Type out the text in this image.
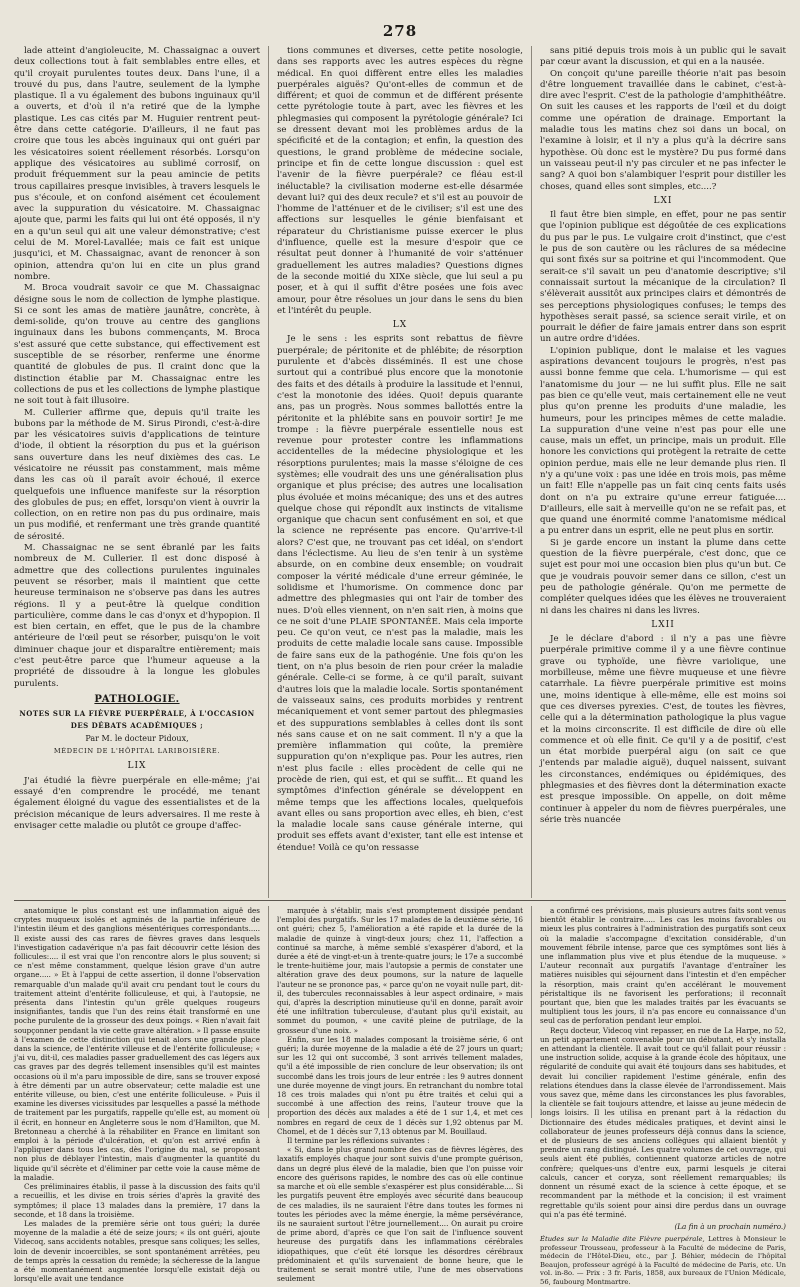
278

lade atteint d'angioleucite, M. Chassaignac a ouvert deux collections tout à fait semblables entre elles, et qu'il croyait purulentes toutes deux. Dans l'une, il a trouvé du pus, dans l'autre, seulement de la lymphe plastique. Il a vu également des bubons inguinaux qu'il a ouverts, et d'où il n'a retiré que de la lymphe plastique. Les cas cités par M. Huguier rentrent peut-être dans cette catégorie. D'ailleurs, il ne faut pas croire que tous les abcès inguinaux qui ont guéri par les vésicatoires soient réellement résorbés. Lorsqu'on applique des vésicatoires au sublimé corrosif, on produit fréquemment sur la peau amincie de petits trous capillaires presque invisibles, à travers lesquels le pus s'écoule, et on confond aisément cet écoulement avec la suppuration du vésicatoire. M. Chassaignac ajoute que, parmi les faits qui lui ont été opposés, il n'y en a qu'un seul qui ait une valeur démonstrative; c'est celui de M. Morel-Lavallée; mais ce fait est unique jusqu'ici, et M. Chassaignac, avant de renoncer à son opinion, attendra qu'on lui en cite un plus grand nombre.

M. Broca voudrait savoir ce que M. Chassaignac désigne sous le nom de collection de lymphe plastique. Si ce sont les amas de matière jaunâtre, concrète, à demi-solide, qu'on trouve au centre des ganglions inguinaux dans les bubons commençants, M. Broca s'est assuré que cette substance, qui effectivement est susceptible de se résorber, renferme une énorme quantité de globules de pus. Il craint donc que la distinction établie par M. Chassaignac entre les collections de pus et les collections de lymphe plastique ne soit tout à fait illusoire.

M. Cullerier affirme que, depuis qu'il traite les bubons par la méthode de M. Sirus Pirondi, c'est-à-dire par les vésicatoires suivis d'applications de teinture d'iode, il obtient la résorption du pus et la guérison sans ouverture dans les neuf dixièmes des cas. Le vésicatoire ne réussit pas constamment, mais même dans les cas où il paraît avoir échoué, il exerce quelquefois une influence manifeste sur la résorption des globules de pus; en effet, lorsqu'on vient à ouvrir la collection, on en retire non pas du pus ordinaire, mais un pus modifié, et renfermant une très grande quantité de sérosité.

M. Chassaignac ne se sent ébranlé par les faits nombreux de M. Cullerier. Il est donc disposé à admettre que des collections purulentes inguinales peuvent se résorber, mais il maintient que cette heureuse terminaison ne s'observe pas dans les autres régions. Il y a peut-être là quelque condition particulière, comme dans le cas d'onyx et d'hypopion. Il est bien certain, en effet, que le pus de la chambre antérieure de l'œil peut se résorber, puisqu'on le voit diminuer chaque jour et disparaître entièrement; mais c'est peut-être parce que l'humeur aqueuse a la propriété de dissoudre à la longue les globules purulents.

PATHOLOGIE.
NOTES SUR LA FIÈVRE PUERPÉRALE, À L'OCCASION DES DÉBATS ACADÉMIQUES ;
Par M. le docteur Pidoux,
MÉDECIN DE L'HÔPITAL LARIBOISIÈRE.
LIX

J'ai étudié la fièvre puerpérale en elle-même; j'ai essayé d'en comprendre le procédé, me tenant également éloigné du vague des essentialistes et de la précision mécanique de leurs adversaires. Il me reste à envisager cette maladie ou plutôt ce groupe d'affec-

tions communes et diverses, cette petite nosologie, dans ses rapports avec les autres espèces du règne médical. En quoi diffèrent entre elles les maladies puerpérales aiguës? Qu'ont-elles de commun et de différent; et quoi de commun et de différent présente cette pyrétologie toute à part, avec les fièvres et les phlegmasies qui composent la pyrétologie générale? Ici se dressent devant moi les problèmes ardus de la spécificité et de la contagion; et enfin, la question des questions, le grand problème de médecine sociale, principe et fin de cette longue discussion : quel est l'avenir de la fièvre puerpérale? ce fléau est-il inéluctable? la civilisation moderne est-elle désarmée devant lui? qui des deux recule? et s'il est au pouvoir de l'homme de l'atténuer et de le civiliser; s'il est une des affections sur lesquelles le génie bienfaisant et réparateur du Christianisme puisse exercer le plus d'influence, quelle est la mesure d'espoir que ce résultat peut donner à l'humanité de voir s'atténuer graduellement les autres maladies? Questions dignes de la seconde moitié du XIXe siècle, que lui seul a pu poser, et à qui il suffit d'être posées une fois avec amour, pour être résolues un jour dans le sens du bien et l'intérêt du peuple.

LX

Je le sens : les esprits sont rebattus de fièvre puerpérale; de péritonite et de phlébite; de résorption purulente et d'abcès disséminés. Il est une chose surtout qui a contribué plus encore que la monotonie des faits et des détails à produire la lassitude et l'ennui, c'est la monotonie des idées. Quoi! depuis quarante ans, pas un progrès. Nous sommes ballottés entre la péritonite et la phlébite sans en pouvoir sortir! Je me trompe : la fièvre puerpérale essentielle nous est revenue pour protester contre les inflammations accidentelles de la médecine physiologique et les résorptions purulentes; mais la masse s'éloigne de ces systèmes; elle voudrait des uns une généralisation plus organique et plus précise; des autres une localisation plus évoluée et moins mécanique; des uns et des autres quelque chose qui répondît aux instincts de vitalisme organique que chacun sent confusément en soi, et que la science ne représente pas encore. Qu'arrive-t-il alors? C'est que, ne trouvant pas cet idéal, on s'endort dans l'éclectisme. Au lieu de s'en tenir à un système absurde, on en combine deux ensemble; on voudrait composer la vérité médicale d'une erreur géminée, le solidisme et l'humorisme. On commence donc par admettre des phlegmasies qui ont l'air de tomber des nues. D'où elles viennent, on n'en sait rien, à moins que ce ne soit d'une PLAIE SPONTANÉE. Mais cela importe peu. Ce qu'on veut, ce n'est pas la maladie, mais les produits de cette maladie locale sans cause. Impossible de faire sans eux de la pathogénie. Une fois qu'on les tient, on n'a plus besoin de rien pour créer la maladie générale. Celle-ci se forme, à ce qu'il paraît, suivant d'autres lois que la maladie locale. Sortis spontanément de vaisseaux sains, ces produits morbides y rentrent mécaniquement et vont semer partout des phlegmasies et des suppurations semblables à celles dont ils sont nés sans cause et on ne sait comment. Il n'y a que la première inflammation qui coûte, la première suppuration qu'on n'explique pas. Pour les autres, rien n'est plus facile : elles procèdent de celle qui ne procède de rien, qui est, et qui se suffit... Et quand les symptômes d'infection générale se développent en même temps que les affections locales, quelquefois avant elles ou sans proportion avec elles, eh bien, c'est la maladie locale sans cause générale interne, qui produit ses effets avant d'exister, tant elle est intense et étendue! Voilà ce qu'on ressasse

sans pitié depuis trois mois à un public qui le savait par cœur avant la discussion, et qui en a la nausée.

On conçoit qu'une pareille théorie n'ait pas besoin d'être longuement travaillée dans le cabinet, c'est-à-dire avec l'esprit. C'est de la pathologie d'amphithéâtre. On suit les causes et les rapports de l'œil et du doigt comme une opération de drainage. Emportant la maladie tous les matins chez soi dans un bocal, on l'examine à loisir, et il n'y a plus qu'à la décrire sans hypothèse. Où donc est le mystère? Du pus formé dans un vaisseau peut-il n'y pas circuler et ne pas infecter le sang? A quoi bon s'alambiquer l'esprit pour distiller les choses, quand elles sont simples, etc....?

LXI

Il faut être bien simple, en effet, pour ne pas sentir que l'opinion publique est dégoûtée de ces explications du pus par le pus. Le vulgaire croit d'instinct, que c'est le pus de son cautère ou les râclures de sa médecine qui sont fixés sur sa poitrine et qui l'incommodent. Que serait-ce s'il savait un peu d'anatomie descriptive; s'il connaissait surtout la mécanique de la circulation? Il s'élèverait aussitôt aux principes clairs et démontrés de ses perceptions physiologiques confuses; le temps des hypothèses serait passé, sa science serait virile, et on pourrait le défier de faire jamais entrer dans son esprit un autre ordre d'idées.

L'opinion publique, dont le malaise et les vagues aspirations devancent toujours le progrès, n'est pas aussi bonne femme que cela. L'humorisme — qui est l'anatomisme du jour — ne lui suffit plus. Elle ne sait pas bien ce qu'elle veut, mais certainement elle ne veut plus qu'on prenne les produits d'une maladie, les humeurs, pour les principes mêmes de cette maladie. La suppuration d'une veine n'est pas pour elle une cause, mais un effet, un principe, mais un produit. Elle honore les convictions qui protègent la retraite de cette opinion perdue, mais elle ne leur demande plus rien. Il n'y a qu'une voix : pas une idée en trois mois, pas même un fait! Elle n'appelle pas un fait cinq cents faits usés dont on n'a pu extraire qu'une erreur fatiguée.... D'ailleurs, elle sait à merveille qu'on ne se refait pas, et que quand une énormité comme l'anatomisme médical a pu entrer dans un esprit, elle ne peut plus en sortir.

Si je garde encore un instant la plume dans cette question de la fièvre puerpérale, c'est donc, que ce sujet est pour moi une occasion bien plus qu'un but. Ce que je voudrais pouvoir semer dans ce sillon, c'est un peu de pathologie générale. Qu'on me permette de compléter quelques idées que les élèves ne trouveraient ni dans les chaires ni dans les livres.

LXII

Je le déclare d'abord : il n'y a pas une fièvre puerpérale primitive comme il y a une fièvre continue grave ou typhoïde, une fièvre variolique, une morbilleuse, même une fièvre muqueuse et une fièvre catarrhale. La fièvre puerpérale primitive est moins une, moins identique à elle-même, elle est moins soi que ces diverses pyrexies. C'est, de toutes les fièvres, celle qui a la détermination pathologique la plus vague et la moins circonscrite. Il est difficile de dire où elle commence et où elle finit. Ce qu'il y a de positif, c'est un état morbide puerpéral aigu (on sait ce que j'entends par maladie aiguë), duquel naissent, suivant les circonstances, endémiques ou épidémiques, des phlegmasies et des fièvres dont la détermination exacte est presque impossible. On appelle, on doit même continuer à appeler du nom de fièvres puerpérales, une série très nuancée

anatomique le plus constant est une inflammation aiguë des cryptes muqueux isolés et agminés de la partie inférieure de l'intestin iléum et des ganglions mésentériques correspondants..... Il existe aussi des cas rares de fièvres graves dans lesquels l'investigation cadavérique n'a pas fait découvrir cette lésion des follicules:.... il est vrai que l'on rencontre alors le plus souvent; si ce n'est même constamment, quelque lésion grave d'un autre organe..... » Et à l'appui de cette assertion, il donne l'observation remarquable d'un malade qu'il avait cru pendant tout le cours du traitement atteint d'entérite folliculeuse, et qui, à l'autopsie, ne présenta dans l'intestin qu'un grêle quelques rougeurs insignifiantes, tandis que l'un des reins était transformé en une poche purulente de la grosseur des deux poings. « Rien n'avait fait soupçonner pendant la vie cette grave altération. » Il passe ensuite à l'examen de cette distinction qui tenait alors une grande place dans la science, de l'entérite villeuse et de l'entérite folliculeuse; « j'ai vu, dit-il, ces maladies passer graduellement des cas légers aux cas graves par des degrés tellement insensibles qu'il est maintes occasions où il m'a paru impossible de dire, sans se trouver exposé à être démenti par un autre observateur; cette maladie est une entérite villeuse, ou bien, c'est une entérite folliculeuse. » Puis il examine les diverses vicissitudes par lesquelles a passé la méthode de traitement par les purgatifs, rappelle qu'elle est, au moment où il écrit, en honneur en Angleterre sous le nom d'Hamilton, que M. Bretonneau a cherché à la réhabiliter en France en limitant son emploi à la période d'ulcération, et qu'on est arrivé enfin à l'appliquer dans tous les cas, dès l'origine du mal, se proposant non plus de déblayer l'intestin, mais d'augmenter la quantité du liquide qu'il sécrète et d'éliminer par cette voie la cause même de la maladie.

Ces préliminaires établis, il passe à la discussion des faits qu'il a recueillis, et les divise en trois séries d'après la gravité des symptômes; il place 13 malades dans la première, 17 dans la seconde, et 18 dans la troisième.

Les malades de la première série ont tous guéri; la durée moyenne de la maladie a été de seize jours; « ils ont guéri, ajoute Videcoq, sans accidents notables, presque sans coliques; les selles, loin de devenir incoercibles, se sont spontanément arrêtées, peu de temps après la cessation du remède; la sécheresse de la langue a été momentanément augmentée lorsqu'elle existait déjà ou lorsqu'elle avait une tendance

marquée à s'établir, mais s'est promptement dissipée pendant l'emploi des purgatifs. Sur les 17 malades de la deuxième série, 16 ont guéri; chez 5, l'amélioration a été rapide et la durée de la maladie de quinze à vingt-deux jours; chez 11, l'affection a continué sa marche, à même semblé s'exaspérer d'abord, et la durée a été de vingt-et-un à trente-quatre jours; le 17e a succombé le trente-huitième jour, mais l'autopsie a permis de constater une altération grave des deux poumons, sur la nature de laquelle l'auteur ne se prononce pas, « parce qu'on ne voyait nulle part, dit-il, des tubercules reconnaissables à leur aspect ordinaire, » mais qui, d'après la description minutieuse qu'il en donne, paraît avoir été une infiltration tuberculeuse, d'autant plus qu'il existait, au sommet du poumon, « une cavité pleine de putrilage, de la grosseur d'une noix. »

Enfin, sur les 18 malades composant la troisième série, 6 ont guéri; la durée moyenne de la maladie a été de 27 jours un quart; sur les 12 qui ont succombé, 3 sont arrivés tellement malades, qu'il a été impossible de rien conclure de leur observation; ils ont succombé dans les trois jours de leur entrée : les 9 autres donnent une durée moyenne de vingt jours. En retranchant du nombre total 18 ces trois malades qui n'ont pu être traités et celui qui a succombé à une affection des reins, l'auteur trouve que la proportion des décès aux malades a été de 1 sur 1,4, et met ces nombres en regard de ceux de 1 décès sur 1,92 obtenus par M. Chomel, et de 1 décès sur 7,13 obtenus par M. Bouillaud.

Il termine par les réflexions suivantes :

« Si, dans le plus grand nombre des cas de fièvres légères, des laxatifs employés chaque jour sont suivis d'une prompte guérison, dans un degré plus élevé de la maladie, bien que l'on puisse voir encore des guérisons rapides, le nombre des cas où elle continue sa marche et où elle semble s'exaspérer est plus considérable.... Si les purgatifs peuvent être employés avec sécurité dans beaucoup de ces maladies, ils ne sauraient l'être dans toutes les formes ni toutes les périodes avec la même énergie, la même persévérance, ils ne sauraient surtout l'être journellement.... On aurait pu croire de prime abord, d'après ce que l'on sait de l'influence souvent heureuse des purgatifs dans les inflammations cérébrales idiopathiques, que c'eût été lorsque les désordres cérébraux prédominaient et qu'ils survenaient de bonne heure, que le traitement se serait montré utile, l'une de mes observations seulement

a confirmé ces prévisions, mais plusieurs autres faits sont venus bientôt établir le contraire..... Les cas les moins favorables ou mieux les plus contraires à l'administration des purgatifs sont ceux où la maladie s'accompagne d'excitation considérable, d'un mouvement fébrile intense, parce que ces symptômes sont liés à une inflammation plus vive et plus étendue de la muqueuse. » L'auteur reconnaît aux purgatifs l'avantage d'entraîner les matières nuisibles qui séjournent dans l'intestin et d'en empêcher la résorption, mais craint qu'en accélérant le mouvement péristaltique ils ne favorisent les perforations; il reconnaît pourtant que, bien que les malades traités par les évacuants se multiplient tous les jours, il n'a pas encore eu connaissance d'un seul cas de perforation pendant leur emploi.

Reçu docteur, Videcoq vint repasser, en rue de La Harpe, no 52, un petit appartement convenable pour un débutant, et s'y installa en attendant la clientèle. Il avait tout ce qu'il fallait pour réussir : une instruction solide, acquise à la grande école des hôpitaux, une régularité de conduite qui avait été toujours dans ses habitudes, et devait lui concilier rapidement l'estime générale, enfin des relations étendues dans la classe élevée de l'arrondissement. Mais vous savez que, même dans les circonstances les plus favorables, la clientèle se fait toujours attendre, et laisse au jeune médecin de longs loisirs. Il les utilisa en prenant part à la rédaction du Dictionnaire des études médicales pratiques, et devint ainsi le collaborateur de jeunes professeurs déjà connus dans la science, et de plusieurs de ses anciens collègues qui allaient bientôt y prendre un rang distingué. Les quatre volumes de cet ouvrage, qui seuls aient été publiés, contiennent quatorze articles de notre confrère; quelques-uns d'entre eux, parmi lesquels je citerai calculs, cancer et coryza, sont réellement remarquables; ils donnent un résumé exact de la science à cette époque, et se recommandent par la méthode et la concision; il est vraiment regrettable qu'ils soient pour ainsi dire perdus dans un ouvrage qui n'a pas été terminé.

(La fin à un prochain numéro.)
Études sur la Maladie dite Fièvre puerpérale, Lettres à Monsieur le professeur Trousseau, professeur à la Faculté de médecine de Paris, médecin de l'Hôtel-Dieu, etc., par J. Béhier, médecin de l'hôpital Beaujon, professeur agrégé à la Faculté de médecine de Paris, etc. Un vol. in-8o. — Prix : 3 fr. Paris, 1858, aux bureaux de l'Union Médicale, 56, faubourg Montmartre.
